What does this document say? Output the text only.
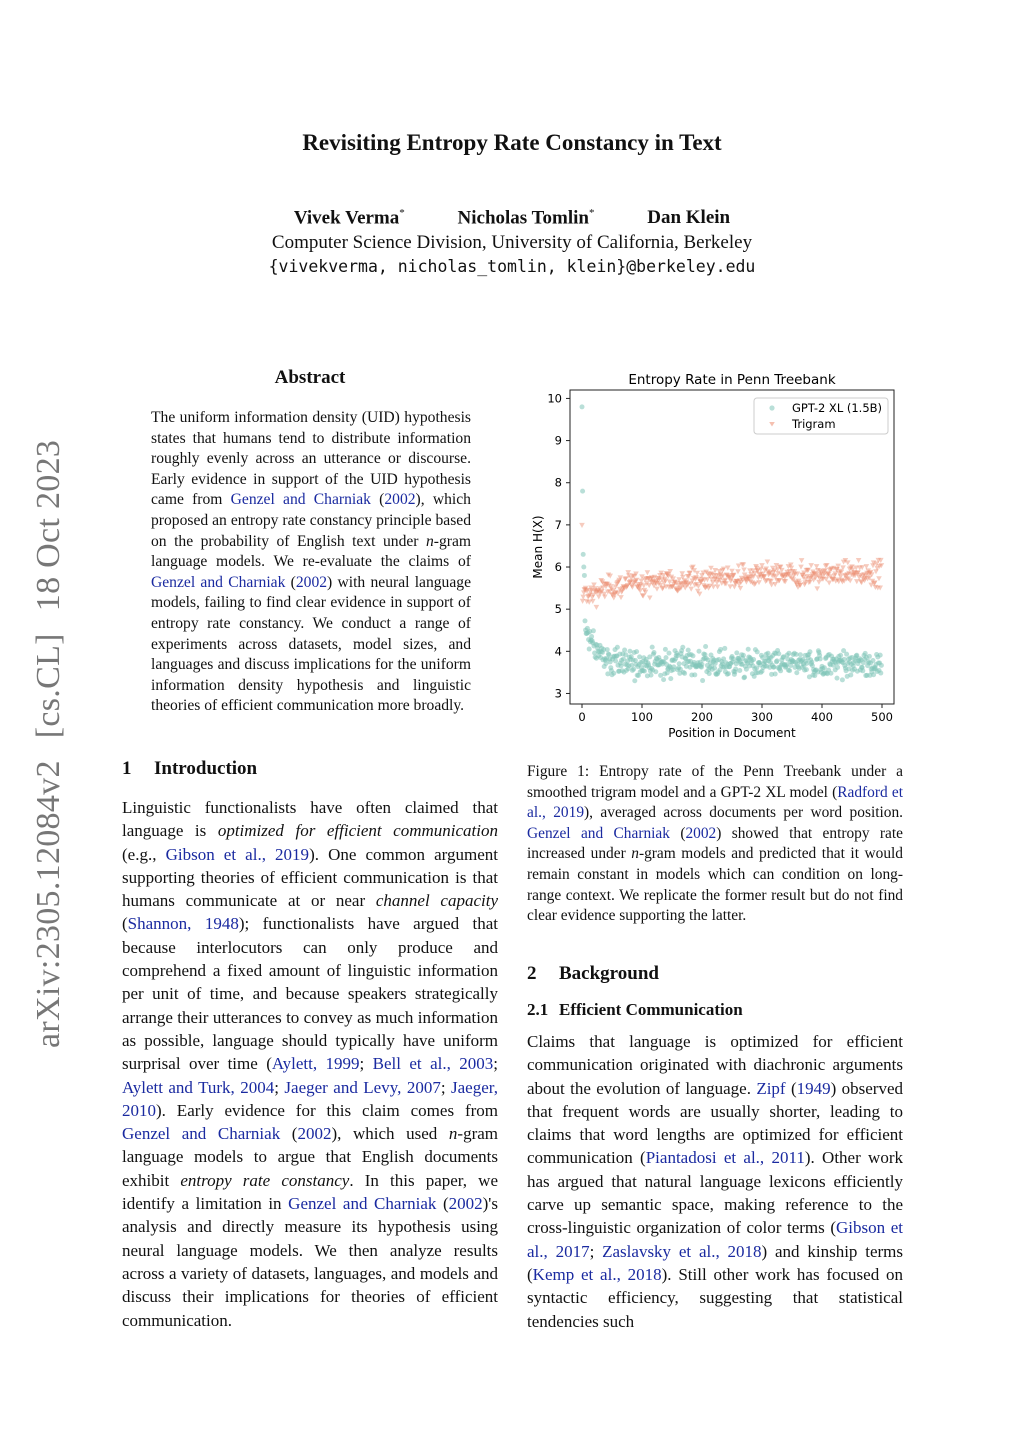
arXiv:2305.12084v2[cs.CL]18 Oct 2023
Revisiting Entropy Rate Constancy in Text
Vivek Verma*	Nicholas Tomlin*	Dan Klein
Computer Science Division, University of California, Berkeley
{vivekverma, nicholas_tomlin, klein}@berkeley.edu
Abstract
The uniform information density (UID) hypothesis states that humans tend to distribute information roughly evenly across an utterance or discourse. Early evidence in support of the UID hypothesis came from Genzel and Charniak (2002), which proposed an entropy rate constancy principle based on the probability of English text under n-gram language models. We re-evaluate the claims of Genzel and Charniak (2002) with neural language models, failing to find clear evidence in support of entropy rate constancy. We conduct a range of experiments across datasets, model sizes, and languages and discuss implications for the uniform information density hypothesis and linguistic theories of efficient communication more broadly.
1 Introduction
Linguistic functionalists have often claimed that language is optimized for efficient communication (e.g., Gibson et al., 2019). One common argument supporting theories of efficient communication is that humans communicate at or near channel capacity (Shannon, 1948); functionalists have argued that because interlocutors can only produce and comprehend a fixed amount of linguistic information per unit of time, and because speakers strategically arrange their utterances to convey as much information as possible, language should typically have uniform surprisal over time (Aylett, 1999; Bell et al., 2003; Aylett and Turk, 2004; Jaeger and Levy, 2007; Jaeger, 2010). Early evidence for this claim comes from Genzel and Charniak (2002), which used n-gram language models to argue that English documents exhibit entropy rate constancy. In this paper, we identify a limitation in Genzel and Charniak (2002)'s analysis and directly measure its hypothesis using neural language models. We then analyze results across a variety of datasets, languages, and models and discuss their implications for theories of efficient communication.
Entropy Rate in Penn Treebank
0	100	200	300	400	500
3
4
5
6
7
8
9
10
Position in Document
Mean H(X)
GPT-2 XL (1.5B)
Trigram
Figure 1: Entropy rate of the Penn Treebank under a smoothed trigram model and a GPT-2 XL model (Radford et al., 2019), averaged across documents per word position. Genzel and Charniak (2002) showed that entropy rate increased under n-gram models and predicted that it would remain constant in models which can condition on long-range context. We replicate the former result but do not find clear evidence supporting the latter.
2 Background
2.1 Efficient Communication
Claims that language is optimized for efficient communication originated with diachronic arguments about the evolution of language. Zipf (1949) observed that frequent words are usually shorter, leading to claims that word lengths are optimized for efficient communication (Piantadosi et al., 2011). Other work has argued that natural language lexicons efficiently carve up semantic space, making reference to the cross-linguistic organization of color terms (Gibson et al., 2017; Zaslavsky et al., 2018) and kinship terms (Kemp et al., 2018). Still other work has focused on syntactic efficiency, suggesting that statistical tendencies such
